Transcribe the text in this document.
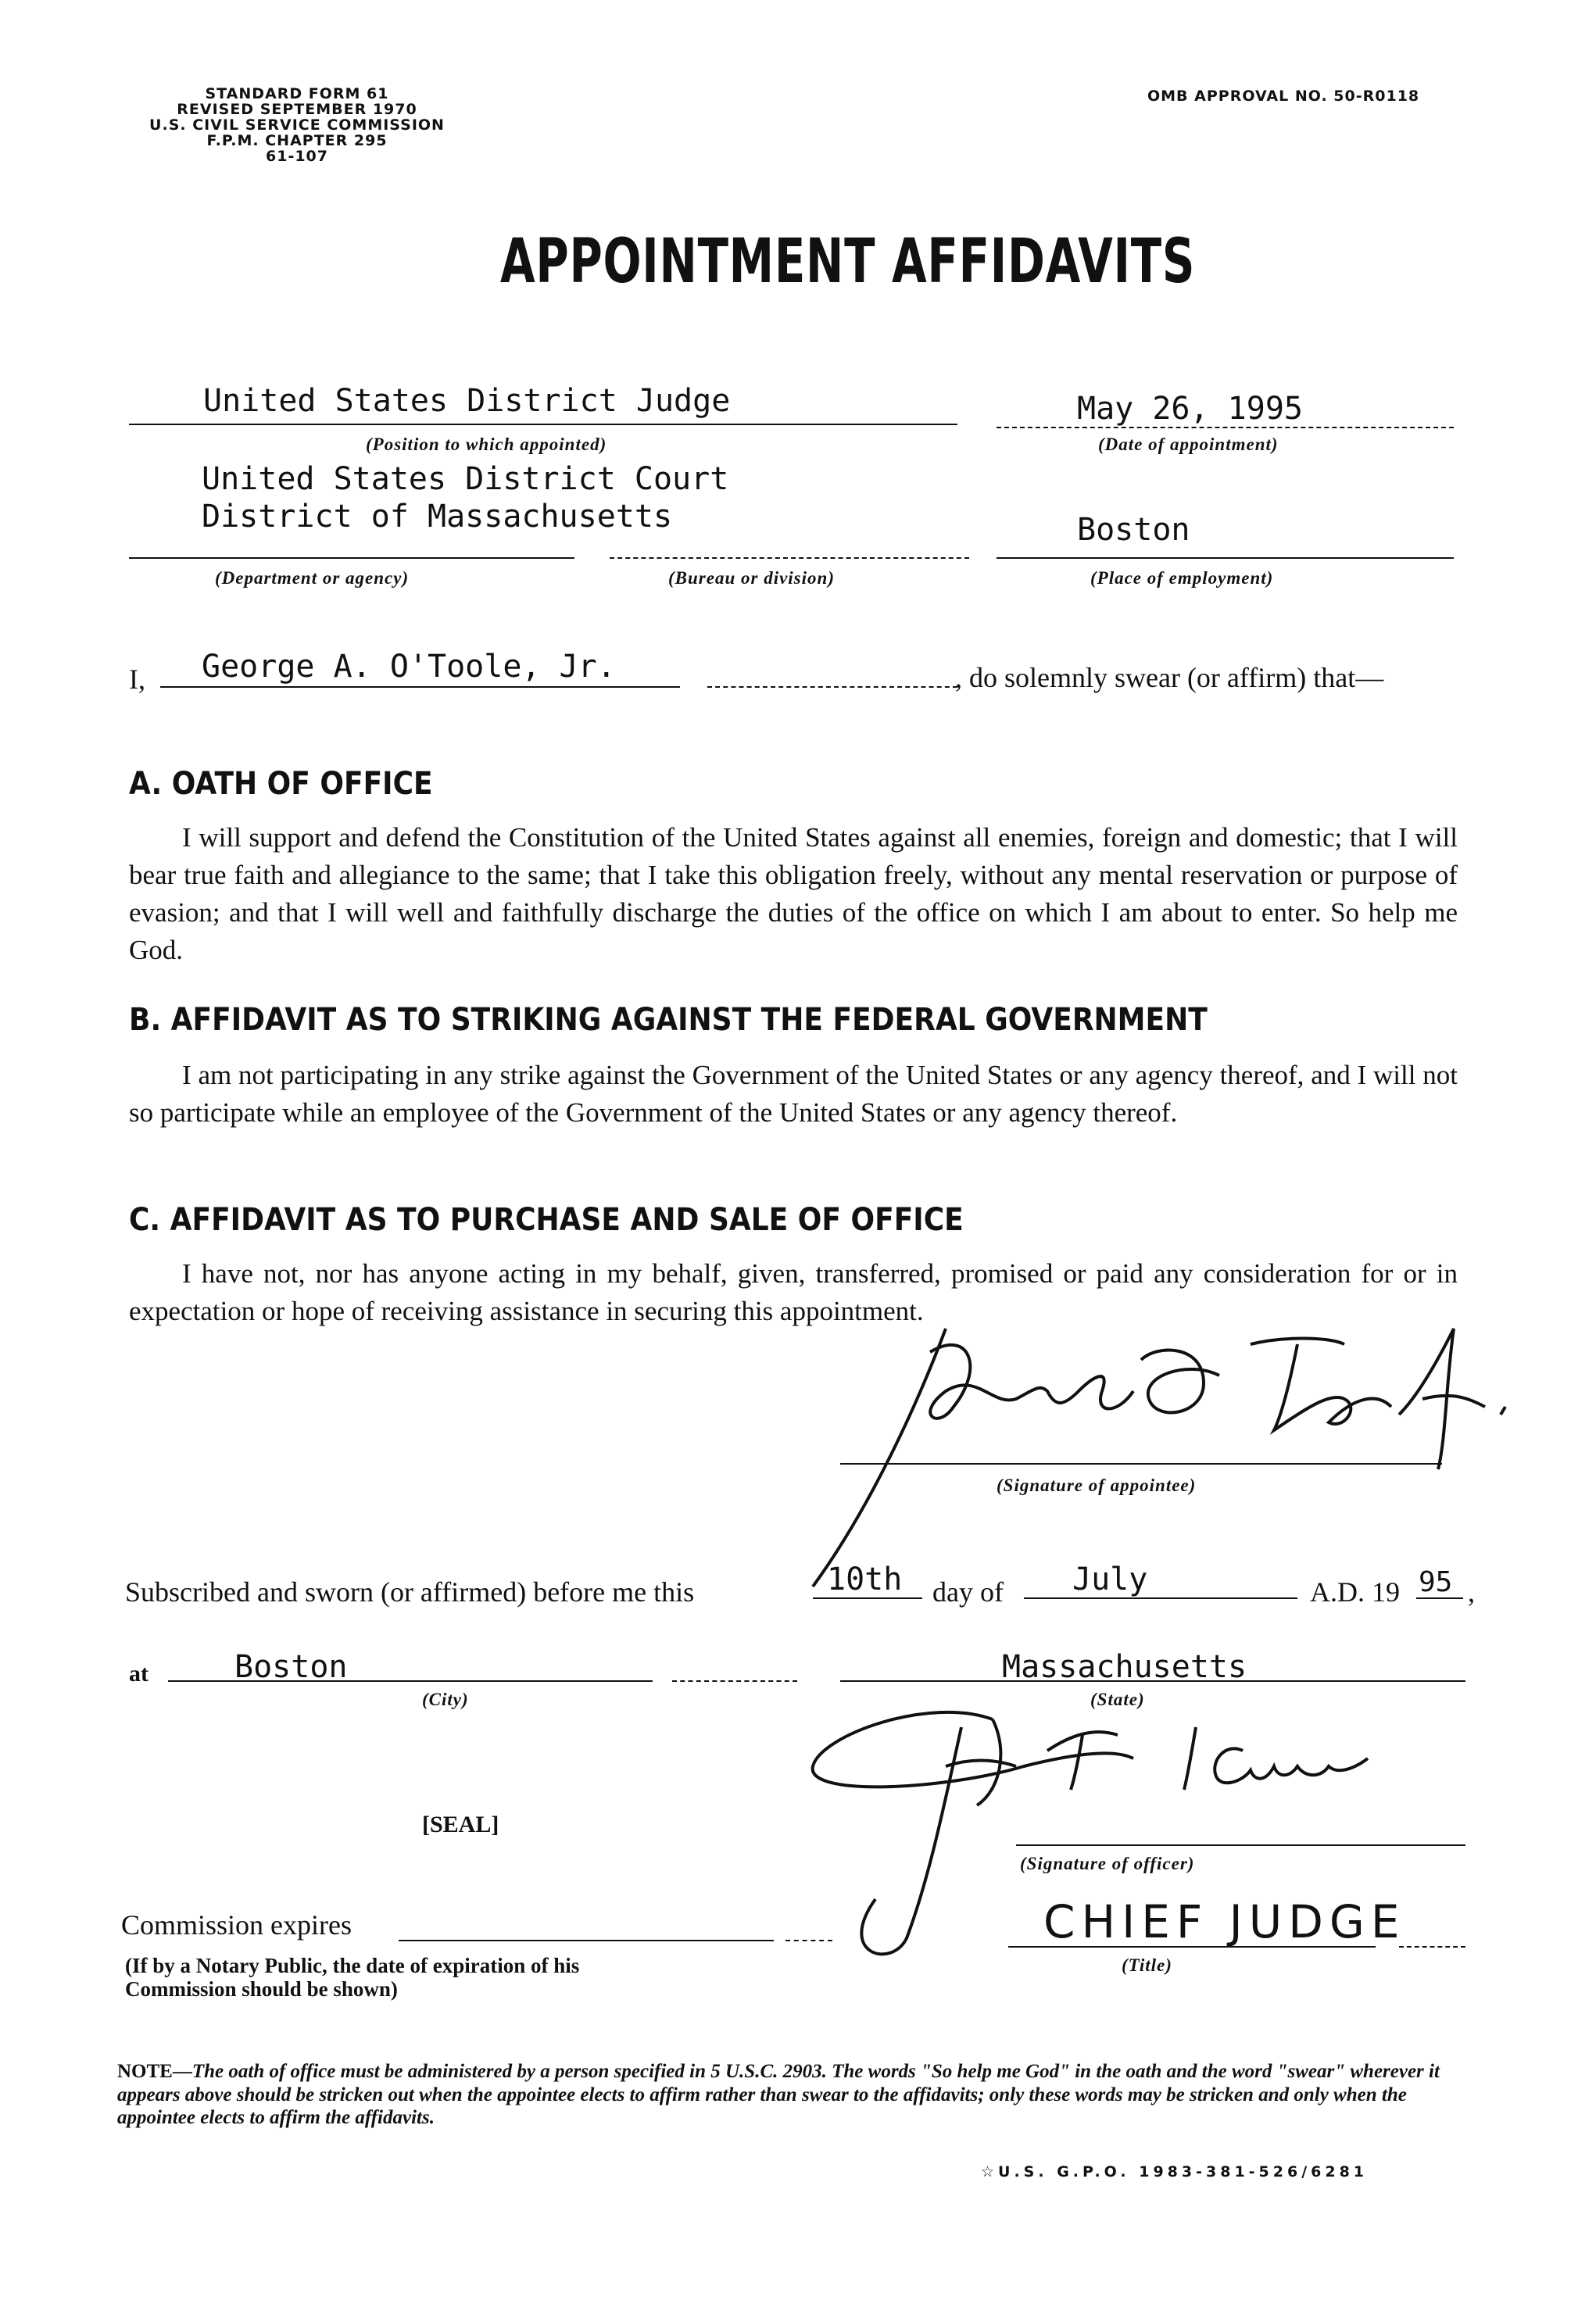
STANDARD FORM 61
REVISED SEPTEMBER 1970
U.S. CIVIL SERVICE COMMISSION
F.P.M. CHAPTER 295
61-107
OMB APPROVAL NO. 50-R0118
APPOINTMENT AFFIDAVITS
United States District Judge
(Position to which appointed)
May 26, 1995
(Date of appointment)
United States District Court
District of Massachusetts	Boston
(Department or agency)	(Bureau or division)	(Place of employment)
I, George A. O'Toole, Jr.	, do solemnly swear (or affirm) that—
A. OATH OF OFFICE
I will support and defend the Constitution of the United States against all enemies, foreign and domestic; that I will bear true faith and allegiance to the same; that I take this obligation freely, without any mental reservation or purpose of evasion; and that I will well and faithfully discharge the duties of the office on which I am about to enter. So help me God.
B. AFFIDAVIT AS TO STRIKING AGAINST THE FEDERAL GOVERNMENT
I am not participating in any strike against the Government of the United States or any agency thereof, and I will not so participate while an employee of the Government of the United States or any agency thereof.
C. AFFIDAVIT AS TO PURCHASE AND SALE OF OFFICE
I have not, nor has anyone acting in my behalf, given, transferred, promised or paid any consideration for or in expectation or hope of receiving assistance in securing this appointment.
(Signature of appointee)
Subscribed and sworn (or affirmed) before me this	10th day of July	A.D. 19 95 ,
at	Boston
(City)
Massachusetts
(State)
(Signature of officer)
[SEAL]
CHIEF JUDGE
(Title)
Commission expires
(If by a Notary Public, the date of expiration of his Commission should be shown)
NOTE—The oath of office must be administered by a person specified in 5 U.S.C. 2903. The words "So help me God" in the oath and the word "swear" wherever it appears above should be stricken out when the appointee elects to affirm rather than swear to the affidavits; only these words may be stricken and only when the appointee elects to affirm the affidavits.
☆U.S. G.P.O. 1983-381-526/6281
